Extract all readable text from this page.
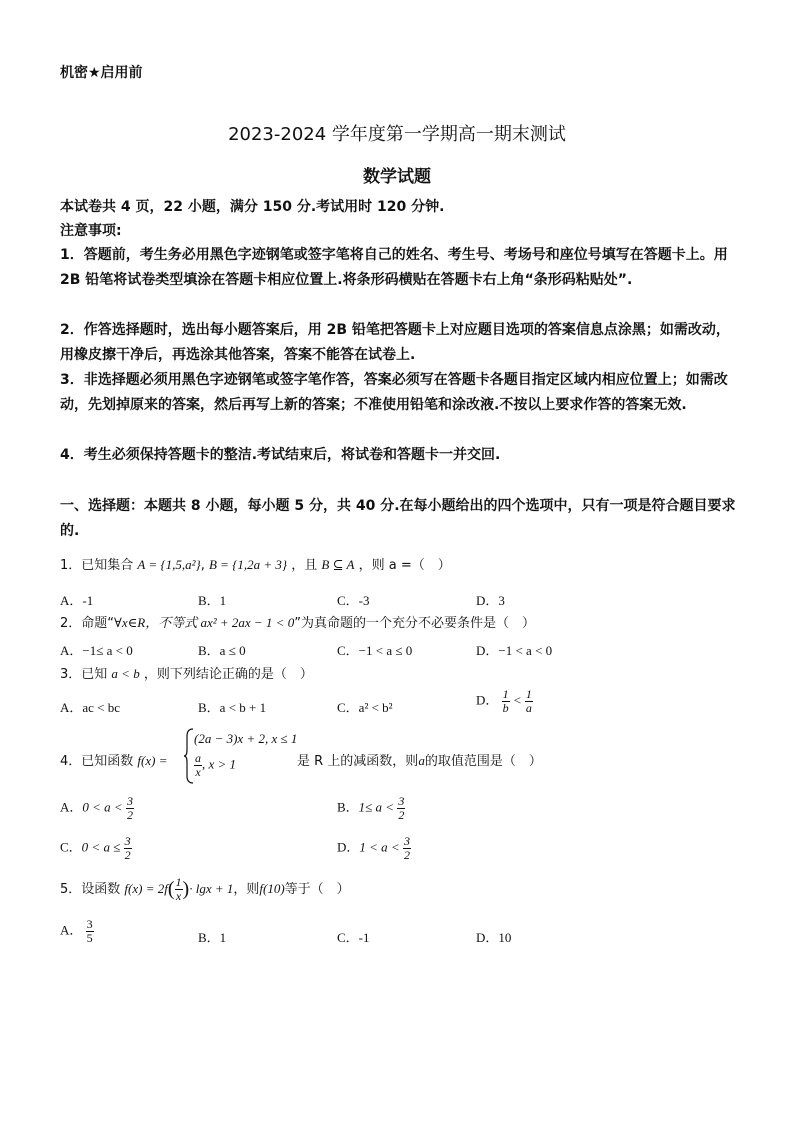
机密★启用前
2023-2024 学年度第一学期高一期末测试
数学试题
本试卷共 4 页，22 小题，满分 150 分.考试用时 120 分钟.
注意事项:
1．答题前，考生务必用黑色字迹钢笔或签字笔将自己的姓名、考生号、考场号和座位号填写在答题卡上。用 2B 铅笔将试卷类型填涂在答题卡相应位置上.将条形码横贴在答题卡右上角“条形码粘贴处”.
2．作答选择题时，选出每小题答案后，用 2B 铅笔把答题卡上对应题目选项的答案信息点涂黑；如需改动，用橡皮擦干净后，再选涂其他答案，答案不能答在试卷上.
3．非选择题必须用黑色字迹钢笔或签字笔作答，答案必须写在答题卡各题目指定区域内相应位置上；如需改动，先划掉原来的答案，然后再写上新的答案；不准使用铅笔和涂改液.不按以上要求作答的答案无效.
4．考生必须保持答题卡的整洁.考试结束后，将试卷和答题卡一并交回.
一、选择题：本题共 8 小题，每小题 5 分，共 40 分.在每小题给出的四个选项中，只有一项是符合题目要求的.
1．已知集合 A = {1,5,a²}, B = {1,2a + 3} ，且 B ⊆ A ，则 a =（　）
A．-1	B．1	C．-3	D．3
2．命题“∀x∈R，不等式 ax² + 2ax − 1 < 0”为真命题的一个充分不必要条件是（　）
A．−1≤ a < 0	B．a ≤ 0	C．−1 < a ≤ 0	D．−1 < a < 0
3．已知 a < b ，则下列结论正确的是（　）
A．ac < bc	B．a < b + 1	C．a² < b²
D． $\frac{1}{b} < \frac{1}{a}$
4．已知函数 f(x) =
(2a − 3)x + 2, x ≤ 1
$\frac{a}{x}$ , x > 1	是 R 上的减函数，则a的取值范围是（　）
A．$0 < a < \frac{3}{2}$	B．$1\le a < \frac{3}{2}$
C．$0 < a \le \frac{3}{2}$	D．$1 < a < \frac{3}{2}$
5．设函数 $f(x) = 2f( \frac{1}{x}$ )· lgx + 1，则f(10)等于（　）
A． $\frac{3}{5}$	B．1	C．-1	D．10
